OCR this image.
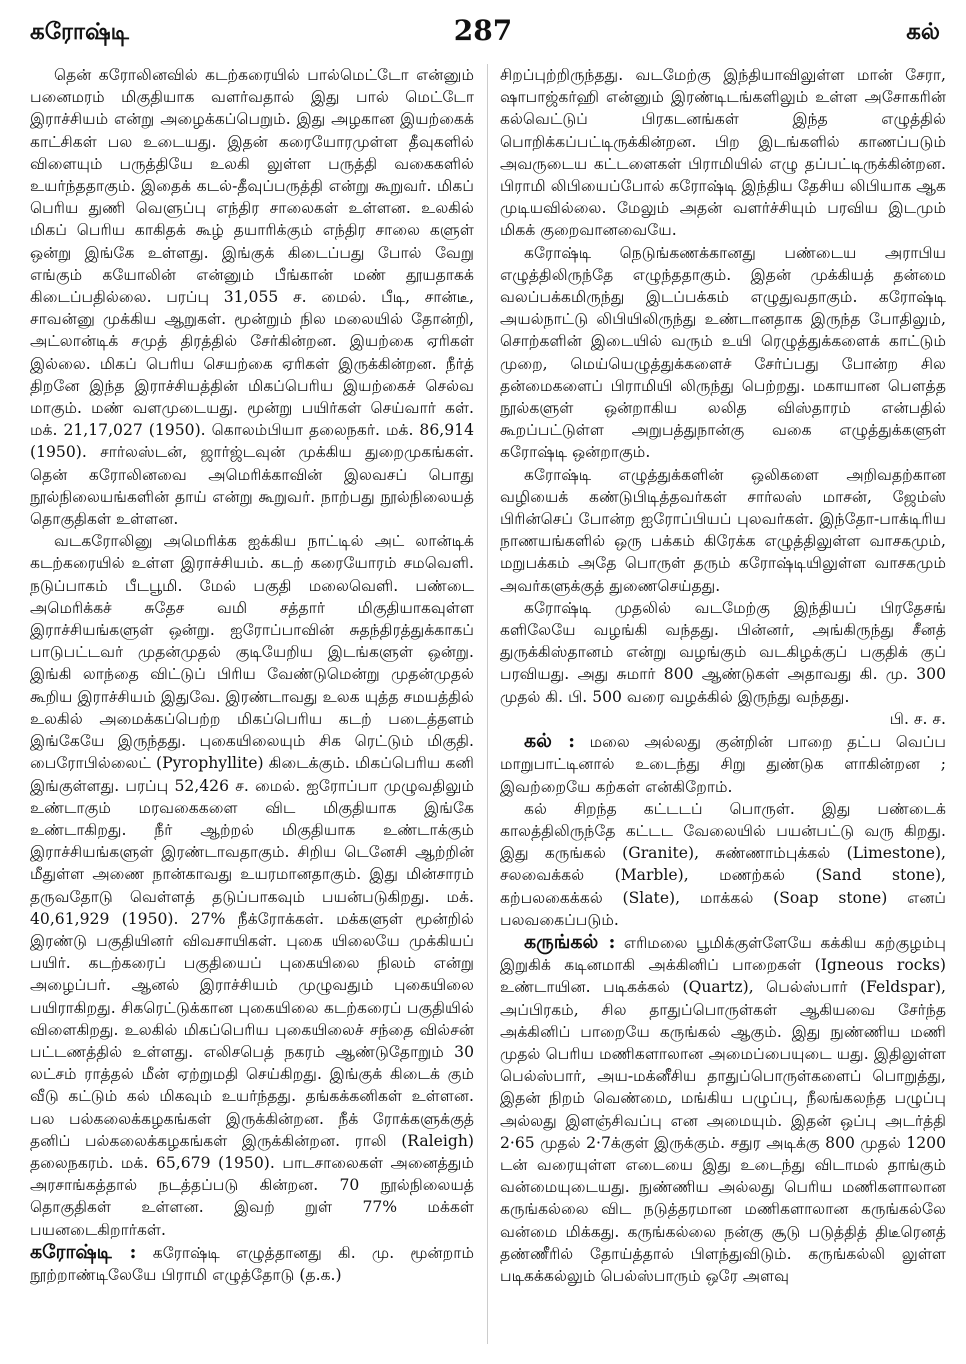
கரோஷ்டி	287	கல்

தென் கரோலினவில் கடற்கரையில் பால்மெட்டோ என்னும் பனைமரம் மிகுதியாக வளர்வதால் இது பால் மெட்டோ இராச்சியம் என்று அழைக்கப்பெறும். இது அழகான இயற்கைக் காட்சிகள் பல உடையது. இதன் கரையோரமுள்ள தீவுகளில் விளையும் பருத்தியே உலகி லுள்ள பருத்தி வகைகளில் உயர்ந்ததாகும். இதைக் கடல்-தீவுப்பருத்தி என்று கூறுவர். மிகப் பெரிய துணி வெளுப்பு எந்திர சாலைகள் உள்ளன. உலகில் மிகப் பெரிய காகிதக் கூழ் தயாரிக்கும் எந்திர சாலை களுள் ஒன்று இங்கே உள்ளது. இங்குக் கிடைப்பது போல் வேறு எங்கும் கயோலின் என்னும் பீங்கான் மண் தூயதாகக் கிடைப்பதில்லை. பரப்பு 31,055 ச. மைல். பீடி, சான்டீ, சாவன்னு முக்கிய ஆறுகள். மூன்றும் நில மலையில் தோன்றி, அட்லான்டிக் சமுத் திரத்தில் சேர்கின்றன. இயற்கை ஏரிகள் இல்லை. மிகப் பெரிய செயற்கை ஏரிகள் இருக்கின்றன. நீர்த் திறனே இந்த இராச்சியத்தின் மிகப்பெரிய இயற்கைச் செல்வ மாகும். மண் வளமுடையது. மூன்று பயிர்கள் செய்வார் கள். மக். 21,17,027 (1950). கொலம்பியா தலைநகர். மக். 86,914 (1950). சார்லஸ்டன், ஜார்ஜ்டவுன் முக்கிய துறைமுகங்கள். தென் கரோலினவை அமெரிக்காவின் இலவசப் பொது நூல்நிலையங்களின் தாய் என்று கூறுவர். நாற்பது நூல்நிலையத் தொகுதிகள் உள்ளன.

வடகரோலினு அமெரிக்க ஐக்கிய நாட்டில் அட் லான்டிக் கடற்கரையில் உள்ள இராச்சியம். கடற் கரையோரம் சமவெளி. நடுப்பாகம் பீடபூமி. மேல் பகுதி மலைவெளி. பண்டை அமெரிக்கச் சுதேச வமி சத்தார் மிகுதியாகவுள்ள இராச்சியங்களுள் ஒன்று. ஐரோப்பாவின் சுதந்திரத்துக்காகப் பாடுபட்டவர் முதன்முதல் குடியேறிய இடங்களுள் ஒன்று. இங்கி லாந்தை விட்டுப் பிரிய வேண்டுமென்று முதன்முதல் கூறிய இராச்சியம் இதுவே. இரண்டாவது உலக யுத்த சமயத்தில் உலகில் அமைக்கப்பெற்ற மிகப்பெரிய கடற் படைத்தளம் இங்கேயே இருந்தது. புகையிலையும் சிக ரெட்டும் மிகுதி. பைரோபில்லைட் (Pyrophyllite) கிடைக்கும். மிகப்பெரிய கனி இங்குள்ளது. பரப்பு 52,426 ச. மைல். ஐரோப்பா முழுவதிலும் உண்டாகும் மரவகைகளை விட மிகுதியாக இங்கே உண்டாகிறது. நீர் ஆற்றல் மிகுதியாக உண்டாக்கும் இராச்சியங்களுள் இரண்டாவதாகும். சிறிய டெனேசி ஆற்றின் மீதுள்ள அணை நான்காவது உயரமானதாகும். இது மின்சாரம் தருவதோடு வெள்ளத் தடுப்பாகவும் பயன்படுகிறது. மக். 40,61,929 (1950). 27% நீக்ரோக்கள். மக்களுள் மூன்றில் இரண்டு பகுதியினர் விவசாயிகள். புகை யிலையே முக்கியப் பயிர். கடற்கரைப் பகுதியைப் புகையிலை நிலம் என்று அழைப்பர். ஆனல் இராச்சியம் முழுவதும் புகையிலை பயிராகிறது. சிகரெட்டுக்கான புகையிலை கடற்கரைப் பகுதியில் விளைகிறது. உலகில் மிகப்பெரிய புகையிலைச் சந்தை வில்சன் பட்டணத்தில் உள்ளது. எலிசபெத் நகரம் ஆண்டுதோறும் 30 லட்சம் ராத்தல் மீன் ஏற்றுமதி செய்கிறது. இங்குக் கிடைக் கும் வீடு கட்டும் கல் மிகவும் உயர்ந்தது. தங்கக்கனிகள் உள்ளன. பல பல்கலைக்கழகங்கள் இருக்கின்றன. நீக் ரோக்களுக்குத் தனிப் பல்கலைக்கழகங்கள் இருக்கின்றன. ராலி (Raleigh) தலைநகரம். மக். 65,679 (1950). பாடசாலைகள் அனைத்தும் அரசாங்கத்தால் நடத்தப்படு கின்றன. 70 நூல்நிலையத் தொகுதிகள் உள்ளன. இவற் றுள் 77% மக்கள் பயனடைகிறார்கள்.

கரோஷ்டி : கரோஷ்டி எழுத்தானது கி. மு. மூன்றாம் நூற்றாண்டிலேயே பிராமி எழுத்தோடு (த.க.)

சிறப்புற்றிருந்தது. வடமேற்கு இந்தியாவிலுள்ள மான் சேரா, ஷாபாஜ்கர்ஹி என்னும் இரண்டிடங்களிலும் உள்ள அசோகரின் கல்வெட்டுப் பிரகடனங்கள் இந்த எழுத்தில் பொறிக்கப்பட்டிருக்கின்றன. பிற இடங்களில் காணப்படும் அவருடைய கட்டளைகள் பிராமியில் எழு தப்பட்டிருக்கின்றன. பிராமி லிபியைப்போல் கரோஷ்டி இந்திய தேசிய லிபியாக ஆக முடியவில்லை. மேலும் அதன் வளர்ச்சியும் பரவிய இடமும் மிகக் குறைவானவையே.

கரோஷ்டி நெடுங்கணக்கானது பண்டைய அராபிய எழுத்திலிருந்தே எழுந்ததாகும். இதன் முக்கியத் தன்மை வலப்பக்கமிருந்து இடப்பக்கம் எழுதுவதாகும். கரோஷ்டி அயல்நாட்டு லிபியிலிருந்து உண்டானதாக இருந்த போதிலும், சொற்களின் இடையில் வரும் உயி ரெழுத்துக்களைக் காட்டும் முறை, மெய்யெழுத்துக்களைச் சேர்ப்பது போன்ற சில தன்மைகளைப் பிராமியி லிருந்து பெற்றது. மகாயான பௌத்த நூல்களுள் ஒன்றாகிய லலித விஸ்தாரம் என்பதில் கூறப்பட்டுள்ள அறுபத்துநான்கு வகை எழுத்துக்களுள் கரோஷ்டி ஒன்றாகும்.

கரோஷ்டி எழுத்துக்களின் ஒலிகளை அறிவதற்கான வழியைக் கண்டுபிடித்தவர்கள் சார்லஸ் மாசன், ஜேம்ஸ் பிரின்செப் போன்ற ஐரோப்பியப் புலவர்கள். இந்தோ-பாக்டிரிய நாணயங்களில் ஒரு பக்கம் கிரேக்க எழுத்திலுள்ள வாசகமும், மறுபக்கம் அதே பொருள் தரும் கரோஷ்டியிலுள்ள வாசகமும் அவர்களுக்குத் துணைசெய்தது.

கரோஷ்டி முதலில் வடமேற்கு இந்தியப் பிரதேசங் களிலேயே வழங்கி வந்தது. பின்னர், அங்கிருந்து சீனத் துருக்கிஸ்தானம் என்று வழங்கும் வடகிழக்குப் பகுதிக் குப் பரவியது. அது சுமார் 800 ஆண்டுகள் அதாவது கி. மு. 300 முதல் கி. பி. 500 வரை வழக்கில் இருந்து வந்தது.

பி. ச. ச.

கல் : மலை அல்லது குன்றின் பாறை தட்ப வெப்ப மாறுபாட்டினால் உடைந்து சிறு துண்டுக ளாகின்றன ; இவற்றையே கற்கள் என்கிறோம்.

கல் சிறந்த கட்டடப் பொருள். இது பண்டைக் காலத்திலிருந்தே கட்டட வேலையில் பயன்பட்டு வரு கிறது. இது கருங்கல் (Granite), சுண்ணாம்புக்கல் (Limestone), சலவைக்கல் (Marble), மணற்கல் (Sand stone), கற்பலகைக்கல் (Slate), மாக்கல் (Soap stone) எனப் பலவகைப்படும்.

கருங்கல் : எரிமலை பூமிக்குள்ளேயே கக்கிய கற்குழம்பு இறுகிக் கடினமாகி அக்கினிப் பாறைகள் (Igneous rocks) உண்டாயின. படிகக்கல் (Quartz), பெல்ஸ்பார் (Feldspar), அப்பிரகம், சில தாதுப்பொருள்கள் ஆகியவை சேர்ந்த அக்கினிப் பாறையே கருங்கல் ஆகும். இது நுண்ணிய மணி முதல் பெரிய மணிகளாலான அமைப்பையுடை யது. இதிலுள்ள பெல்ஸ்பார், அய-மக்னீசிய தாதுப்பொருள்களைப் பொறுத்து, இதன் நிறம் வெண்மை, மங்கிய பழுப்பு, நீலங்கலந்த பழுப்பு அல்லது இளஞ்சிவப்பு என அமையும். இதன் ஒப்பு அடர்த்தி 2·65 முதல் 2·7க்குள் இருக்கும். சதுர அடிக்கு 800 முதல் 1200 டன் வரையுள்ள எடையை இது உடைந்து விடாமல் தாங்கும் வன்மையுடையது. நுண்ணிய அல்லது பெரிய மணிகளாலான கருங்கல்லை விட நடுத்தரமான மணிகளாலான கருங்கல்லே வன்மை மிக்கது. கருங்கல்லை நன்கு சூடு படுத்தித் திடீரெனத் தண்ணீரில் தோய்த்தால் பிளந்துவிடும். கருங்கல்லி லுள்ள படிகக்கல்லும் பெல்ஸ்பாரும் ஒரே அளவு
